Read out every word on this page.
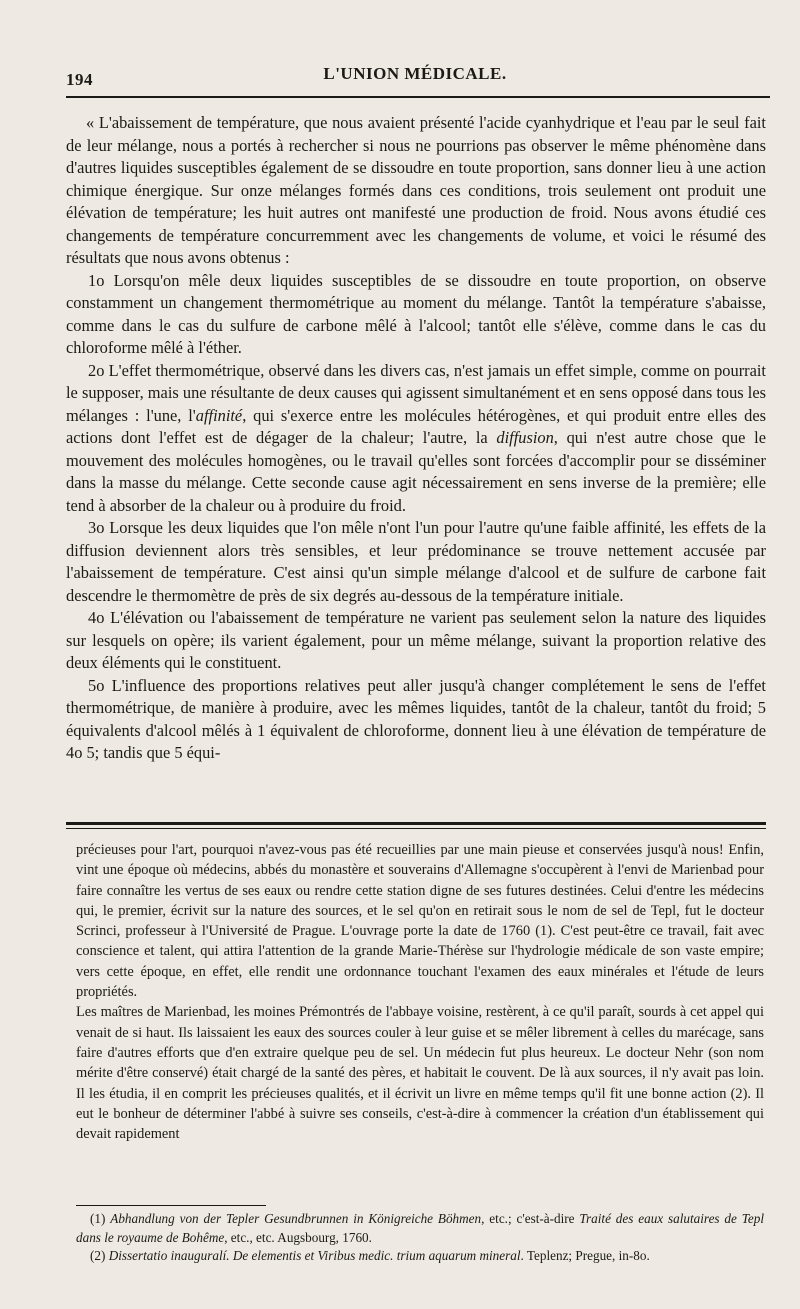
194	L'UNION MÉDICALE.

« L'abaissement de température, que nous avaient présenté l'acide cyanhydrique et l'eau par le seul fait de leur mélange, nous a portés à rechercher si nous ne pourrions pas observer le même phénomène dans d'autres liquides susceptibles également de se dissoudre en toute proportion, sans donner lieu à une action chimique énergique. Sur onze mélanges formés dans ces conditions, trois seulement ont produit une élévation de température; les huit autres ont manifesté une production de froid. Nous avons étudié ces changements de température concurremment avec les changements de volume, et voici le résumé des résultats que nous avons obtenus :

1o Lorsqu'on mêle deux liquides susceptibles de se dissoudre en toute proportion, on observe constamment un changement thermométrique au moment du mélange. Tantôt la température s'abaisse, comme dans le cas du sulfure de carbone mêlé à l'alcool; tantôt elle s'élève, comme dans le cas du chloroforme mêlé à l'éther.

2o L'effet thermométrique, observé dans les divers cas, n'est jamais un effet simple, comme on pourrait le supposer, mais une résultante de deux causes qui agissent simultanément et en sens opposé dans tous les mélanges : l'une, l'affinité, qui s'exerce entre les molécules hétérogènes, et qui produit entre elles des actions dont l'effet est de dégager de la chaleur; l'autre, la diffusion, qui n'est autre chose que le mouvement des molécules homogènes, ou le travail qu'elles sont forcées d'accomplir pour se disséminer dans la masse du mélange. Cette seconde cause agit nécessairement en sens inverse de la première; elle tend à absorber de la chaleur ou à produire du froid.

3o Lorsque les deux liquides que l'on mêle n'ont l'un pour l'autre qu'une faible affinité, les effets de la diffusion deviennent alors très sensibles, et leur prédominance se trouve nettement accusée par l'abaissement de température. C'est ainsi qu'un simple mélange d'alcool et de sulfure de carbone fait descendre le thermomètre de près de six degrés au-dessous de la température initiale.

4o L'élévation ou l'abaissement de température ne varient pas seulement selon la nature des liquides sur lesquels on opère; ils varient également, pour un même mélange, suivant la proportion relative des deux éléments qui le constituent.

5o L'influence des proportions relatives peut aller jusqu'à changer complétement le sens de l'effet thermométrique, de manière à produire, avec les mêmes liquides, tantôt de la chaleur, tantôt du froid; 5 équivalents d'alcool mêlés à 1 équivalent de chloroforme, donnent lieu à une élévation de température de 4o 5; tandis que 5 équi-

précieuses pour l'art, pourquoi n'avez-vous pas été recueillies par une main pieuse et conservées jusqu'à nous! Enfin, vint une époque où médecins, abbés du monastère et souverains d'Allemagne s'occupèrent à l'envi de Marienbad pour faire connaître les vertus de ses eaux ou rendre cette station digne de ses futures destinées. Celui d'entre les médecins qui, le premier, écrivit sur la nature des sources, et le sel qu'on en retirait sous le nom de sel de Tepl, fut le docteur Scrinci, professeur à l'Université de Prague. L'ouvrage porte la date de 1760 (1). C'est peut-être ce travail, fait avec conscience et talent, qui attira l'attention de la grande Marie-Thérèse sur l'hydrologie médicale de son vaste empire; vers cette époque, en effet, elle rendit une ordonnance touchant l'examen des eaux minérales et l'étude de leurs propriétés.

Les maîtres de Marienbad, les moines Prémontrés de l'abbaye voisine, restèrent, à ce qu'il paraît, sourds à cet appel qui venait de si haut. Ils laissaient les eaux des sources couler à leur guise et se mêler librement à celles du marécage, sans faire d'autres efforts que d'en extraire quelque peu de sel. Un médecin fut plus heureux. Le docteur Nehr (son nom mérite d'être conservé) était chargé de la santé des pères, et habitait le couvent. De là aux sources, il n'y avait pas loin. Il les étudia, il en comprit les précieuses qualités, et il écrivit un livre en même temps qu'il fit une bonne action (2). Il eut le bonheur de déterminer l'abbé à suivre ses conseils, c'est-à-dire à commencer la création d'un établissement qui devait rapidement

(1) Abhandlung von der Tepler Gesundbrunnen in Königreiche Böhmen, etc.; c'est-à-dire Traité des eaux salutaires de Tepl dans le royaume de Bohême, etc., etc. Augsbourg, 1760.

(2) Dissertatio inauguralí. De elementis et Viribus medic. trium aquarum mineral. Teplenz; Pregue, in-8o.
